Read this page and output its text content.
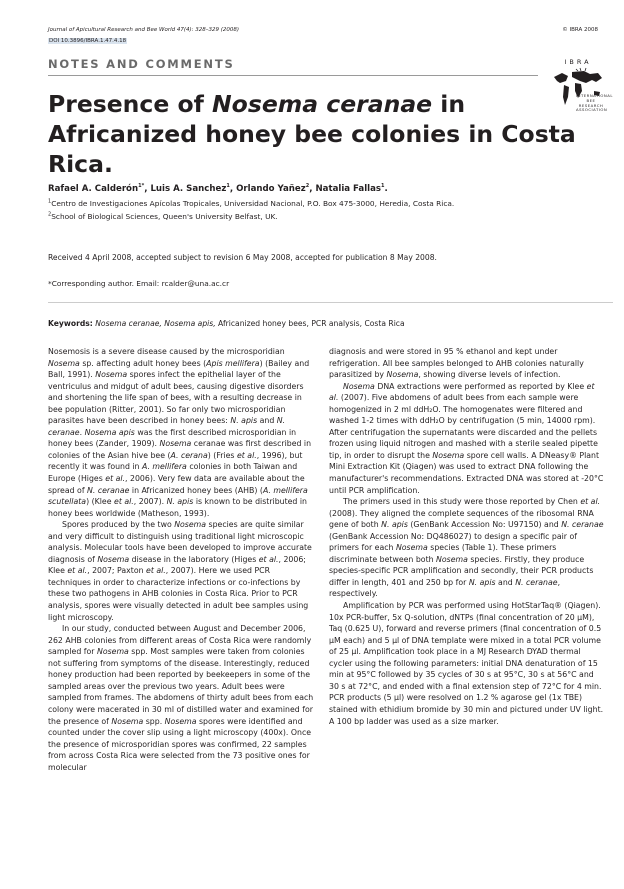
Journal of Apicultural Research and Bee World 47(4): 328–329 (2008)
DOI 10.3896/IBRA.1.47.4.18
© IBRA 2008
NOTES AND COMMENTS	IBRA
INTERNATIONAL
BEE
RESEARCH
ASSOCIATION
Presence of Nosema ceranae in Africanized honey bee colonies in Costa Rica.
Rafael A. Calderón$^{1*}$, Luis A. Sanchez$^1$, Orlando Yañez$^2$, Natalia Fallas$^1$.
$^1$Centro de Investigaciones Apícolas Tropicales, Universidad Nacional, P.O. Box 475-3000, Heredia, Costa Rica.
$^2$School of Biological Sciences, Queen's University Belfast, UK.
Received 4 April 2008, accepted subject to revision 6 May 2008, accepted for publication 8 May 2008.
*Corresponding author. Email: rcalder@una.ac.cr
Keywords: Nosema ceranae, Nosema apis, Africanized honey bees, PCR analysis, Costa Rica

Nosemosis is a severe disease caused by the microsporidian Nosema sp. affecting adult honey bees (Apis mellifera) (Bailey and Ball, 1991). Nosema spores infect the epithelial layer of the ventriculus and midgut of adult bees, causing digestive disorders and shortening the life span of bees, with a resulting decrease in bee population (Ritter, 2001). So far only two microsporidian parasites have been described in honey bees: N. apis and N. ceranae. Nosema apis was the first described microsporidian in honey bees (Zander, 1909). Nosema ceranae was first described in colonies of the Asian hive bee (A. cerana) (Fries et al., 1996), but recently it was found in A. mellifera colonies in both Taiwan and Europe (Higes et al., 2006). Very few data are available about the spread of N. ceranae in Africanized honey bees (AHB) (A. mellifera scutellata) (Klee et al., 2007). N. apis is known to be distributed in honey bees worldwide (Matheson, 1993).

Spores produced by the two Nosema species are quite similar and very difficult to distinguish using traditional light microscopic analysis. Molecular tools have been developed to improve accurate diagnosis of Nosema disease in the laboratory (Higes et al., 2006; Klee et al., 2007; Paxton et al., 2007). Here we used PCR techniques in order to characterize infections or co-infections by these two pathogens in AHB colonies in Costa Rica. Prior to PCR analysis, spores were visually detected in adult bee samples using light microscopy.

In our study, conducted between August and December 2006, 262 AHB colonies from different areas of Costa Rica were randomly sampled for Nosema spp. Most samples were taken from colonies not suffering from symptoms of the disease. Interestingly, reduced honey production had been reported by beekeepers in some of the sampled areas over the previous two years. Adult bees were sampled from frames. The abdomens of thirty adult bees from each colony were macerated in 30 ml of distilled water and examined for the presence of Nosema spp. Nosema spores were identified and counted under the cover slip using a light microscopy (400x). Once the presence of microsporidian spores was confirmed, 22 samples from across Costa Rica were selected from the 73 positive ones for molecular

diagnosis and were stored in 95 % ethanol and kept under refrigeration. All bee samples belonged to AHB colonies naturally parasitized by Nosema, showing diverse levels of infection.

Nosema DNA extractions were performed as reported by Klee et al. (2007). Five abdomens of adult bees from each sample were homogenized in 2 ml ddH₂O. The homogenates were filtered and washed 1-2 times with ddH₂O by centrifugation (5 min, 14000 rpm). After centrifugation the supernatants were discarded and the pellets frozen using liquid nitrogen and mashed with a sterile sealed pipette tip, in order to disrupt the Nosema spore cell walls. A DNeasy® Plant Mini Extraction Kit (Qiagen) was used to extract DNA following the manufacturer's recommendations. Extracted DNA was stored at -20°C until PCR amplification.

The primers used in this study were those reported by Chen et al. (2008). They aligned the complete sequences of the ribosomal RNA gene of both N. apis (GenBank Accession No: U97150) and N. ceranae (GenBank Accession No: DQ486027) to design a specific pair of primers for each Nosema species (Table 1). These primers discriminate between both Nosema species. Firstly, they produce species-specific PCR amplification and secondly, their PCR products differ in length, 401 and 250 bp for N. apis and N. ceranae, respectively.

Amplification by PCR was performed using HotStarTaq® (Qiagen). 10x PCR-buffer, 5x Q-solution, dNTPs (final concentration of 20 µM), Taq (0.625 U), forward and reverse primers (final concentration of 0.5 µM each) and 5 µl of DNA template were mixed in a total PCR volume of 25 µl. Amplification took place in a MJ Research DYAD thermal cycler using the following parameters: initial DNA denaturation of 15 min at 95°C followed by 35 cycles of 30 s at 95°C, 30 s at 56°C and 30 s at 72°C, and ended with a final extension step of 72°C for 4 min. PCR products (5 µl) were resolved on 1.2 % agarose gel (1x TBE) stained with ethidium bromide by 30 min and pictured under UV light. A 100 bp ladder was used as a size marker.
